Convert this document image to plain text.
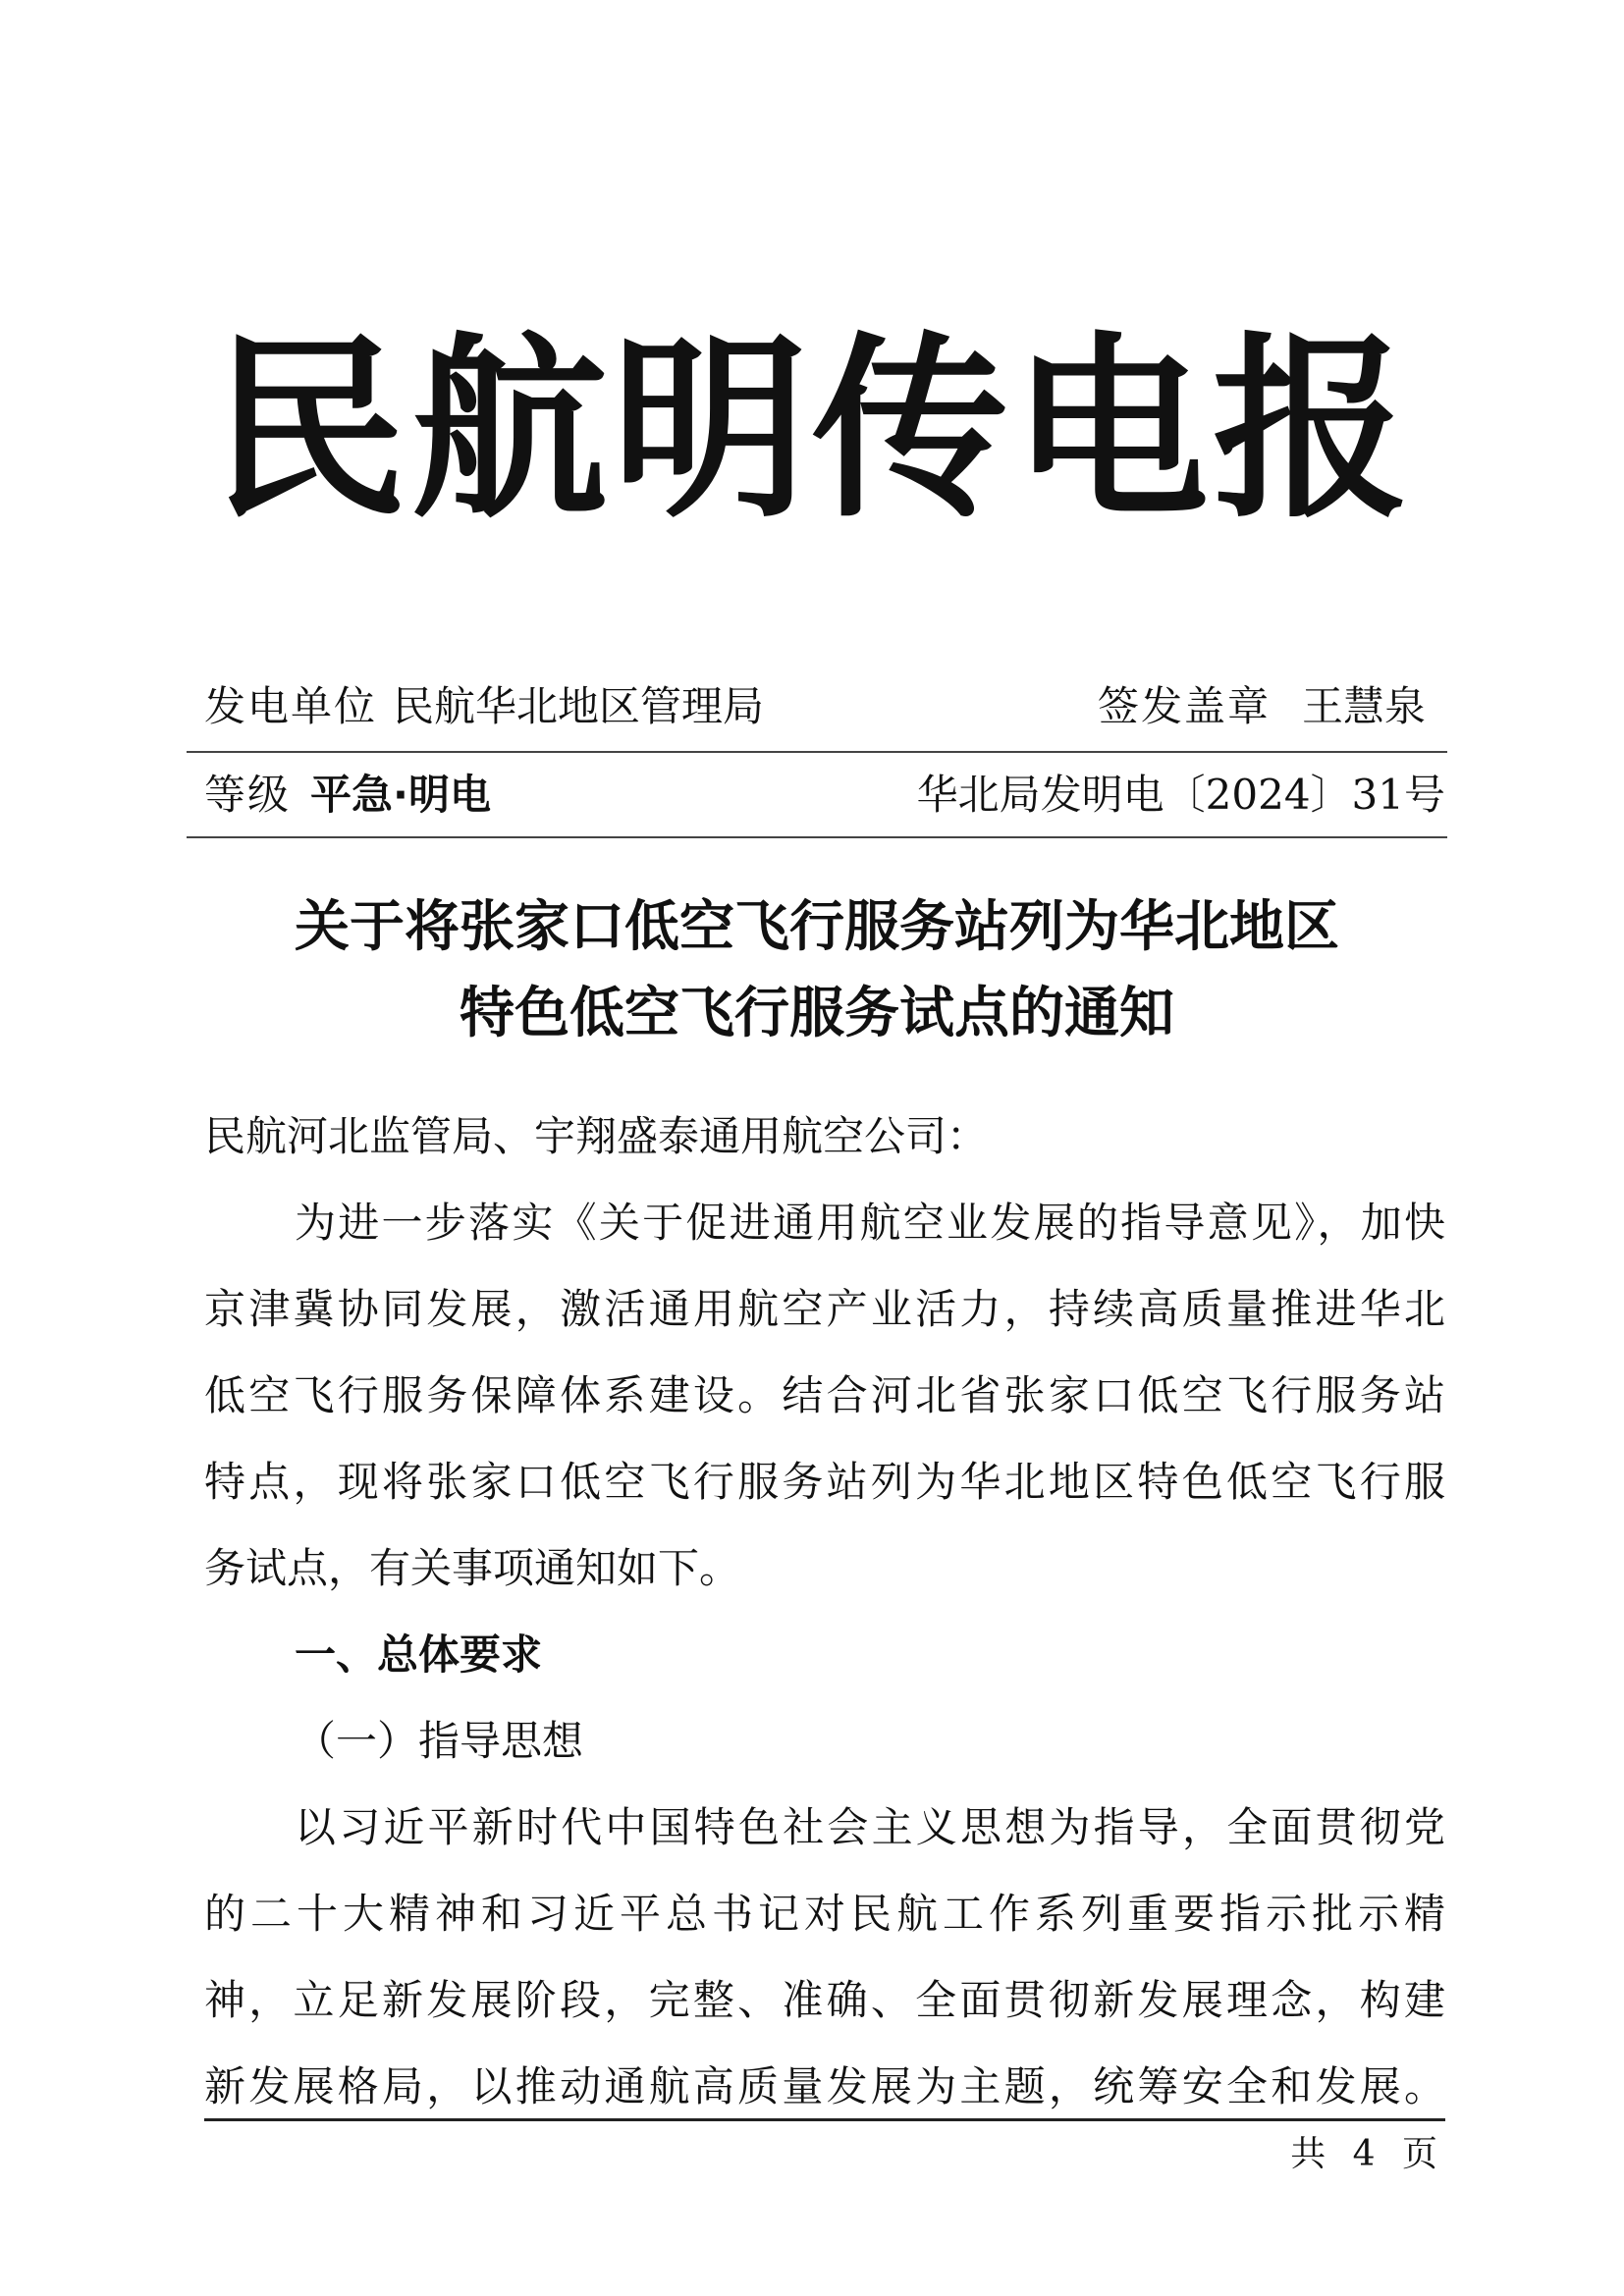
民航明传电报
发电单位 民航华北地区管理局	签发盖章 王慧泉
等级 平急·明电	华北局发明电〔2024〕31号
关于将张家口低空飞行服务站列为华北地区
特色低空飞行服务试点的通知
民航河北监管局、宇翔盛泰通用航空公司：
为进一步落实《关于促进通用航空业发展的指导意见》，加快
京津冀协同发展，激活通用航空产业活力，持续高质量推进华北
低空飞行服务保障体系建设。结合河北省张家口低空飞行服务站
特点，现将张家口低空飞行服务站列为华北地区特色低空飞行服
务试点，有关事项通知如下。
一、总体要求
（一）指导思想
以习近平新时代中国特色社会主义思想为指导，全面贯彻党
的二十大精神和习近平总书记对民航工作系列重要指示批示精
神，立足新发展阶段，完整、准确、全面贯彻新发展理念，构建
新发展格局，以推动通航高质量发展为主题，统筹安全和发展。
共 4 页
